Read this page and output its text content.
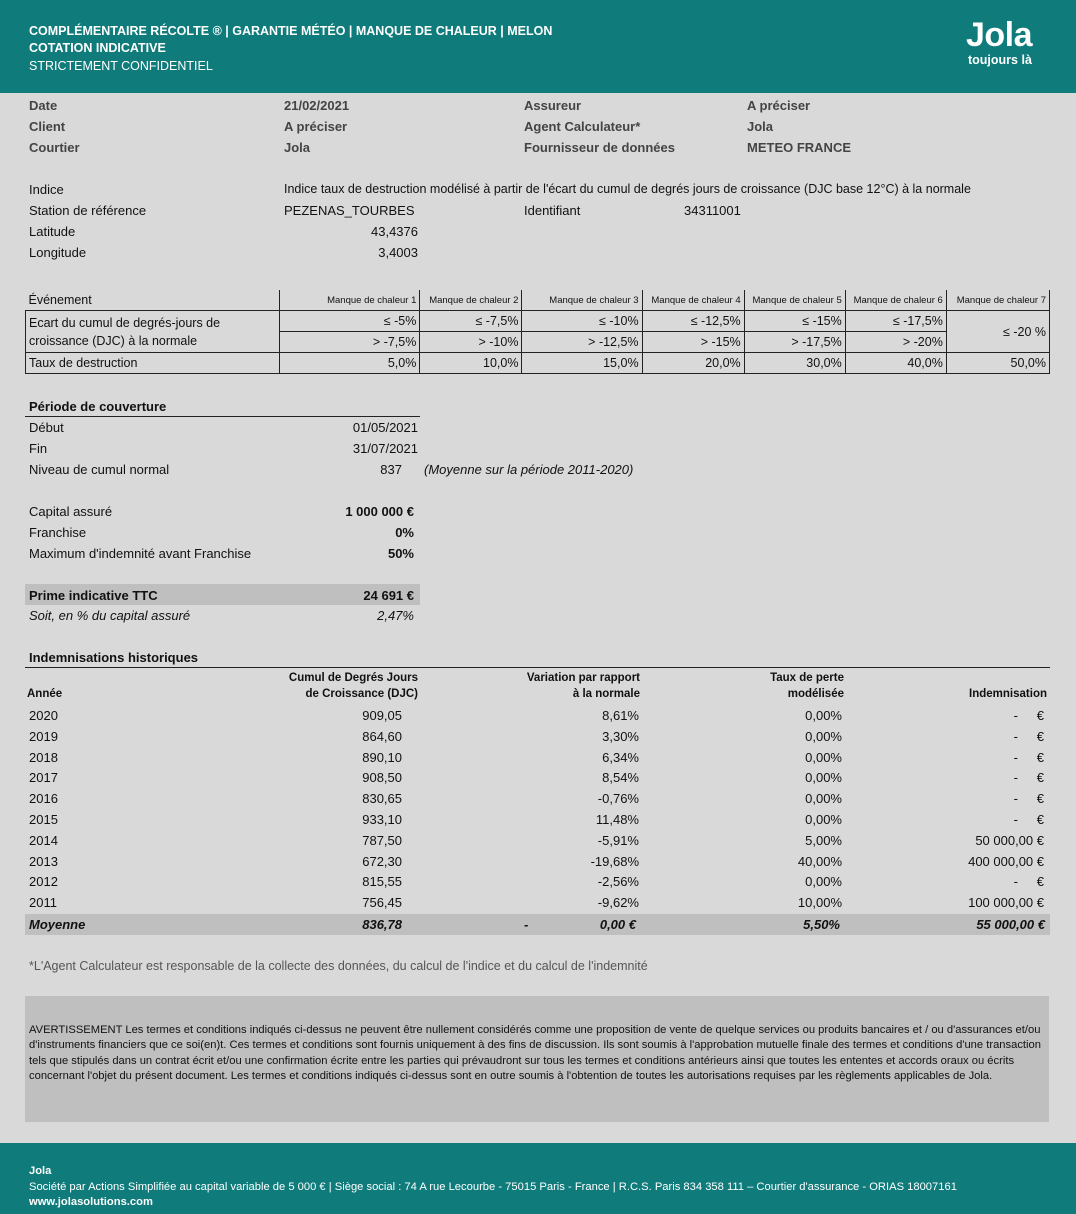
COMPLÉMENTAIRE RÉCOLTE ® | GARANTIE MÉTÉO | MANQUE DE CHALEUR | MELON
COTATION INDICATIVE
STRICTEMENT CONFIDENTIEL
Jola
toujours là
Date	21/02/2021	Assureur	A préciser
Client	A préciser	Agent Calculateur*	Jola
Courtier	Jola	Fournisseur de données	METEO FRANCE
Indice	Indice taux de destruction modélisé à partir de l'écart du cumul de degrés jours de croissance (DJC base 12°C) à la normale
Station de référence	PEZENAS_TOURBES	Identifiant	34311001
Latitude	43,4376
Longitude	3,4003
Événement	Manque de chaleur 1	Manque de chaleur 2	Manque de chaleur 3	Manque de chaleur 4	Manque de chaleur 5	Manque de chaleur 6	Manque de chaleur 7
Ecart du cumul de degrés-jours de
croissance (DJC) à la normale	≤ -5%	≤ -7,5%	≤ -10%	≤ -12,5%	≤ -15%	≤ -17,5%	≤ -20 %
	> -7,5%	> -10%	> -12,5%	> -15%	> -17,5%	> -20%	
Taux de destruction	5,0%	10,0%	15,0%	20,0%	30,0%	40,0%	50,0%
Période de couverture
Début	01/05/2021
Fin	31/07/2021
Niveau de cumul normal	837 (Moyenne sur la période 2011-2020)
Capital assuré	1 000 000 €
Franchise	0%
Maximum d'indemnité avant Franchise	50%
Prime indicative TTC	24 691 €
Soit, en % du capital assuré	2,47%
Indemnisations historiques
Année
Cumul de Degrés Jours
de Croissance (DJC)
Variation par rapport
à la normale
Taux de perte
modélisée	Indemnisation
2020	909,05	8,61%	0,00%	-	€
2019	864,60	3,30%	0,00%	-	€
2018	890,10	6,34%	0,00%	-	€
2017	908,50	8,54%	0,00%	-	€
2016	830,65	-0,76%	0,00%	-	€
2015	933,10	11,48%	0,00%	-	€
2014	787,50	-5,91%	5,00%	50 000,00 €
2013	672,30	-19,68%	40,00%	400 000,00 €
2012	815,55	-2,56%	0,00%	-	€
2011	756,45	-9,62%	10,00%	100 000,00 €
Moyenne	836,78	-	0,00 €	5,50%	55 000,00 €
*L'Agent Calculateur est responsable de la collecte des données, du calcul de l'indice et du calcul de l'indemnité

AVERTISSEMENT Les termes et conditions indiqués ci-dessus ne peuvent être nullement considérés comme une proposition de vente de quelque services ou produits bancaires et / ou d'assurances et/ou d'instruments financiers que ce soi(en)t. Ces termes et conditions sont fournis uniquement à des fins de discussion. Ils sont soumis à l'approbation mutuelle finale des termes et conditions d'une transaction tels que stipulés dans un contrat écrit et/ou une confirmation écrite entre les parties qui prévaudront sur tous les termes et conditions antérieurs ainsi que toutes les ententes et accords oraux ou écrits concernant l'objet du présent document. Les termes et conditions indiqués ci-dessus sont en outre soumis à l'obtention de toutes les autorisations requises par les règlements applicables de Jola.

Jola
Société par Actions Simplifiée au capital variable de 5 000 € | Siège social : 74 A rue Lecourbe - 75015 Paris - France | R.C.S. Paris 834 358 111 – Courtier d'assurance - ORIAS 18007161
www.jolasolutions.com
